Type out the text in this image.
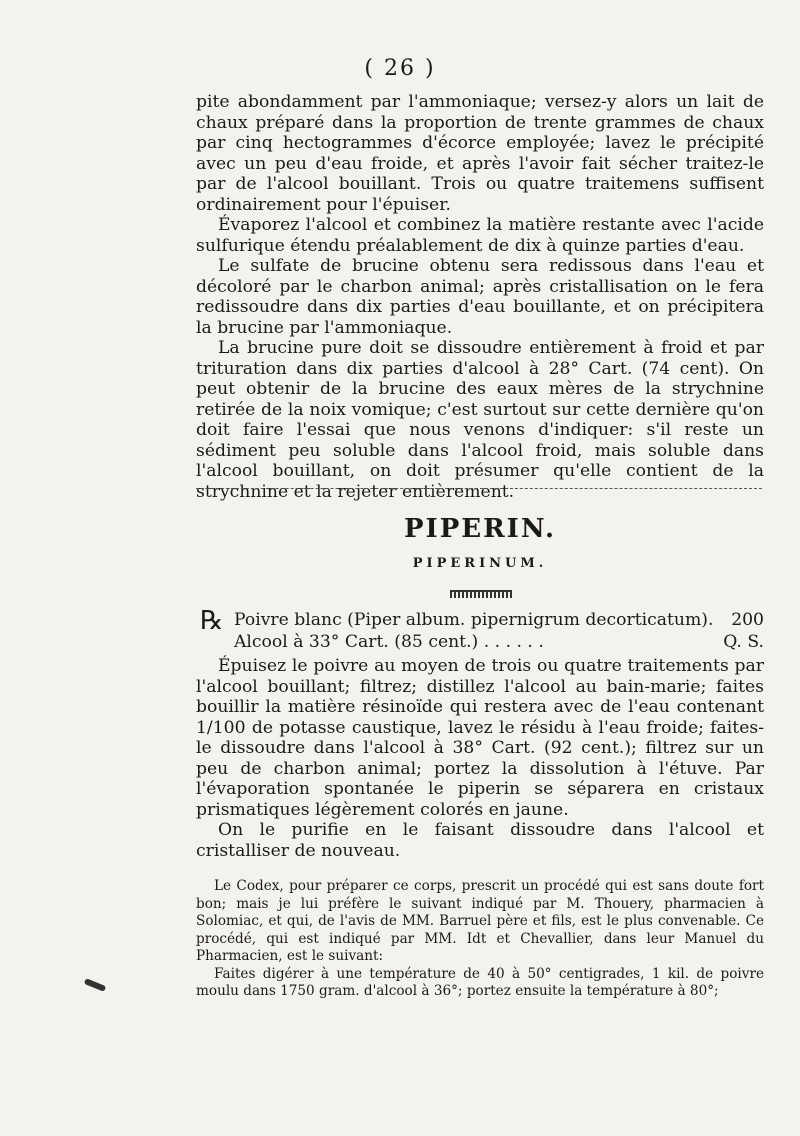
( 26 )

pite abondamment par l'ammoniaque; versez-y alors un lait de chaux préparé dans la proportion de trente grammes de chaux par cinq hectogrammes d'écorce employée; lavez le précipité avec un peu d'eau froide, et après l'avoir fait sécher traitez-le par de l'alcool bouillant. Trois ou quatre traitemens suffisent ordinairement pour l'épuiser.

Évaporez l'alcool et combinez la matière restante avec l'acide sulfurique étendu préalablement de dix à quinze parties d'eau.

Le sulfate de brucine obtenu sera redissous dans l'eau et décoloré par le charbon animal; après cristallisation on le fera redissoudre dans dix parties d'eau bouillante, et on précipitera la brucine par l'ammoniaque.

La brucine pure doit se dissoudre entièrement à froid et par trituration dans dix parties d'alcool à 28° Cart. (74 cent). On peut obtenir de la brucine des eaux mères de la strychnine retirée de la noix vomique; c'est surtout sur cette dernière qu'on doit faire l'essai que nous venons d'indiquer: s'il reste un sédiment peu soluble dans l'alcool froid, mais soluble dans l'alcool bouillant, on doit présumer qu'elle contient de la strychnine et la rejeter entièrement.

PIPERIN.
PIPERINUM.
℞ Poivre blanc (Piper album. pipernigrum decorticatum). 200
Alcool à 33° Cart. (85 cent.) . . . . . .	Q. S.

Épuisez le poivre au moyen de trois ou quatre traitements par l'alcool bouillant; filtrez; distillez l'alcool au bain-marie; faites bouillir la matière résinoïde qui restera avec de l'eau contenant 1/100 de potasse caustique, lavez le résidu à l'eau froide; faites-le dissoudre dans l'alcool à 38° Cart. (92 cent.); filtrez sur un peu de charbon animal; portez la dissolution à l'étuve. Par l'évaporation spontanée le piperin se séparera en cristaux prismatiques légèrement colorés en jaune.

On le purifie en le faisant dissoudre dans l'alcool et cristalliser de nouveau.

Le Codex, pour préparer ce corps, prescrit un procédé qui est sans doute fort bon; mais je lui préfère le suivant indiqué par M. Thouery, pharmacien à Solomiac, et qui, de l'avis de MM. Barruel père et fils, est le plus convenable. Ce procédé, qui est indiqué par MM. Idt et Chevallier, dans leur Manuel du Pharmacien, est le suivant:

Faites digérer à une température de 40 à 50° centigrades, 1 kil. de poivre moulu dans 1750 gram. d'alcool à 36°; portez ensuite la température à 80°;
